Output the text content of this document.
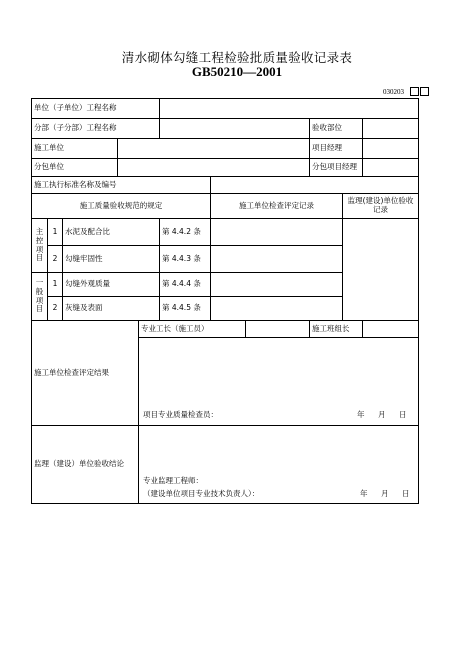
清水砌体勾缝工程检验批质量验收记录表
GB50210—2001
030203
单位（子单位）工程名称										
分部（子分部）工程名称								验收部位		
施工单位								项目经理		
分包单位								分包项目经理		
施工执行标准名称及编号										
施工质量验收规范的规定						施工单位检查评定记录			监理(建设)单位验收记录	

主控项目	1	水泥及配合比			第 4.4.2 条					
	2	勾缝牢固性			第 4.4.3 条					

一般项目	1	勾缝外观质量			第 4.4.4 条					
	2	灰缝及表面			第 4.4.5 条					
施工单位检查评定结果				专业工长（施工员）				施工班组长		

				项目专业质量检查员： 年 月 日						

监理（建设）单位验收结论				专业监理工程师：
（建设单位项目专业技术负责人）： 年 月 日						
